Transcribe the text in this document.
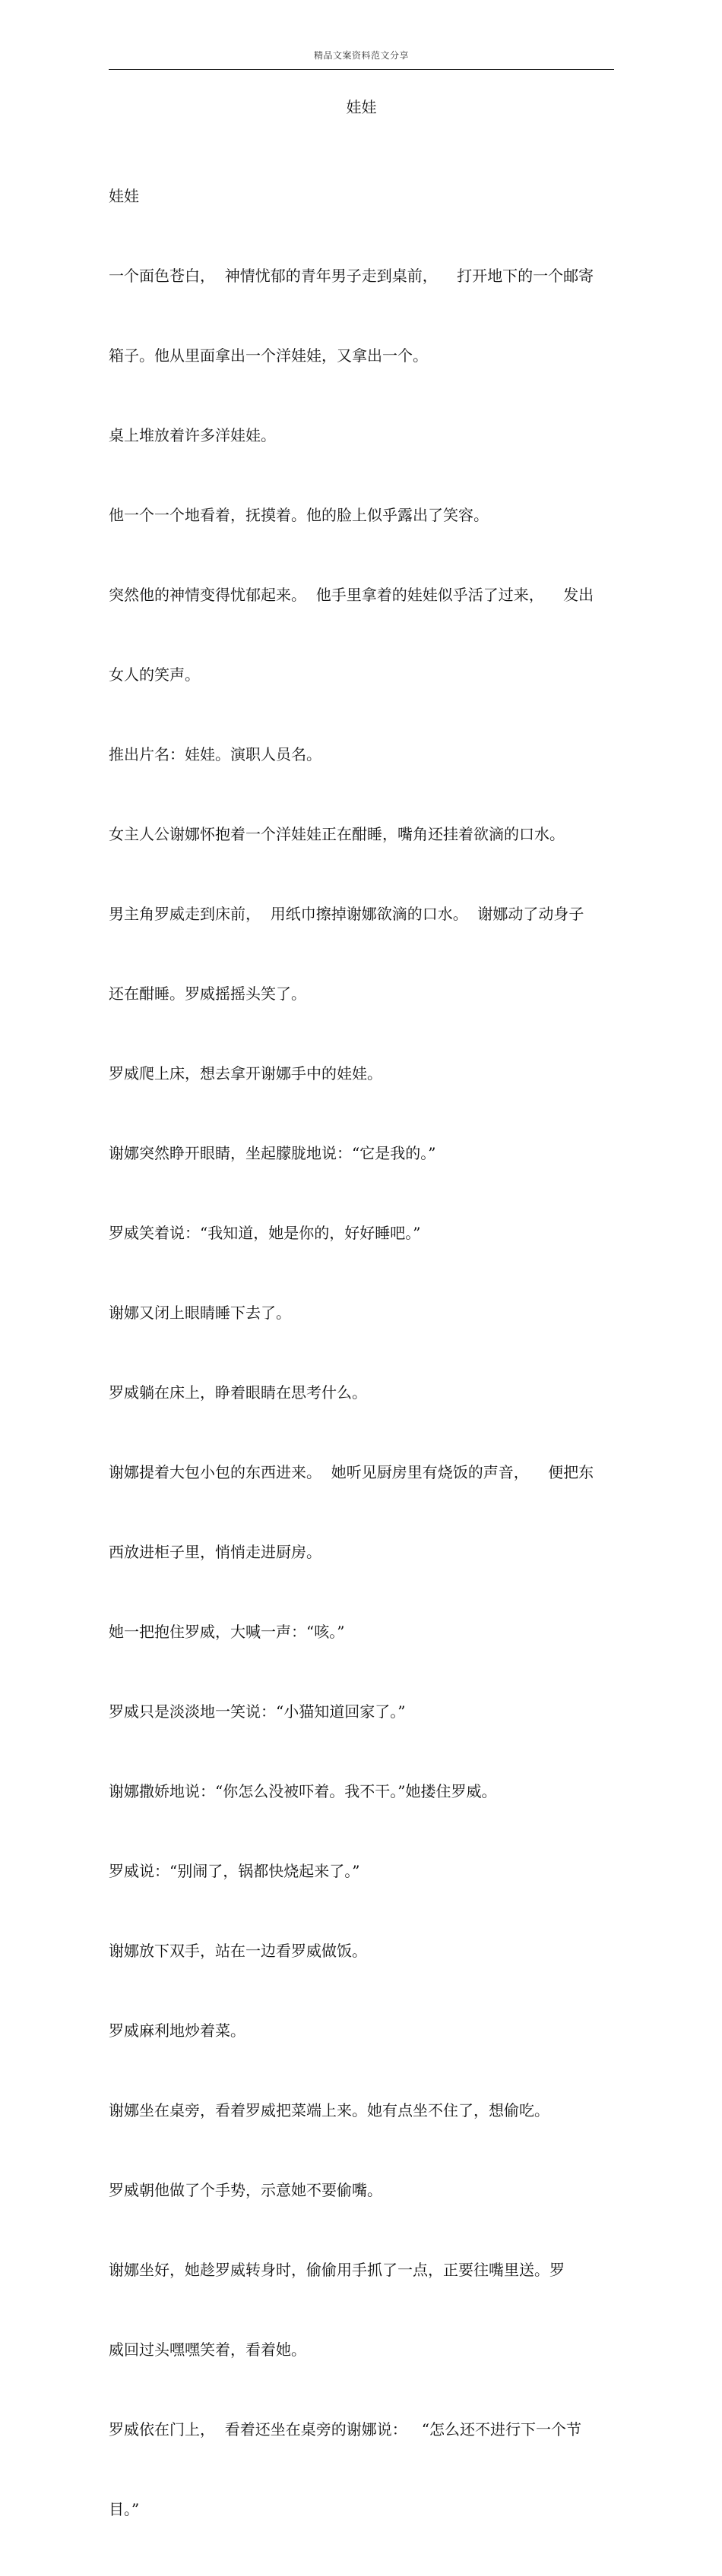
精品文案资料范文分享
娃娃

娃娃

一个面色苍白，  神情忧郁的青年男子走到桌前，    打开地下的一个邮寄

箱子。他从里面拿出一个洋娃娃，又拿出一个。

桌上堆放着许多洋娃娃。

他一个一个地看着，抚摸着。他的脸上似乎露出了笑容。

突然他的神情变得忧郁起来。  他手里拿着的娃娃似乎活了过来，    发出

女人的笑声。

推出片名：娃娃。演职人员名。

女主人公谢娜怀抱着一个洋娃娃正在酣睡，嘴角还挂着欲滴的口水。

男主角罗威走到床前，  用纸巾擦掉谢娜欲滴的口水。  谢娜动了动身子

还在酣睡。罗威摇摇头笑了。

罗威爬上床，想去拿开谢娜手中的娃娃。

谢娜突然睁开眼睛，坐起朦胧地说：“它是我的。”

罗威笑着说：“我知道，她是你的，好好睡吧。”

谢娜又闭上眼睛睡下去了。

罗威躺在床上，睁着眼睛在思考什么。

谢娜提着大包小包的东西进来。  她听见厨房里有烧饭的声音，    便把东

西放进柜子里，悄悄走进厨房。

她一把抱住罗威，大喊一声：“咳。”

罗威只是淡淡地一笑说：“小猫知道回家了。”

谢娜撒娇地说：“你怎么没被吓着。我不干。”她搂住罗威。

罗威说：“别闹了，锅都快烧起来了。”

谢娜放下双手，站在一边看罗威做饭。

罗威麻利地炒着菜。

谢娜坐在桌旁，看着罗威把菜端上来。她有点坐不住了，想偷吃。

罗威朝他做了个手势，示意她不要偷嘴。

谢娜坐好，她趁罗威转身时，偷偷用手抓了一点，正要往嘴里送。罗

威回过头嘿嘿笑着，看着她。

罗威依在门上，  看着还坐在桌旁的谢娜说：   “怎么还不进行下一个节

目。”
